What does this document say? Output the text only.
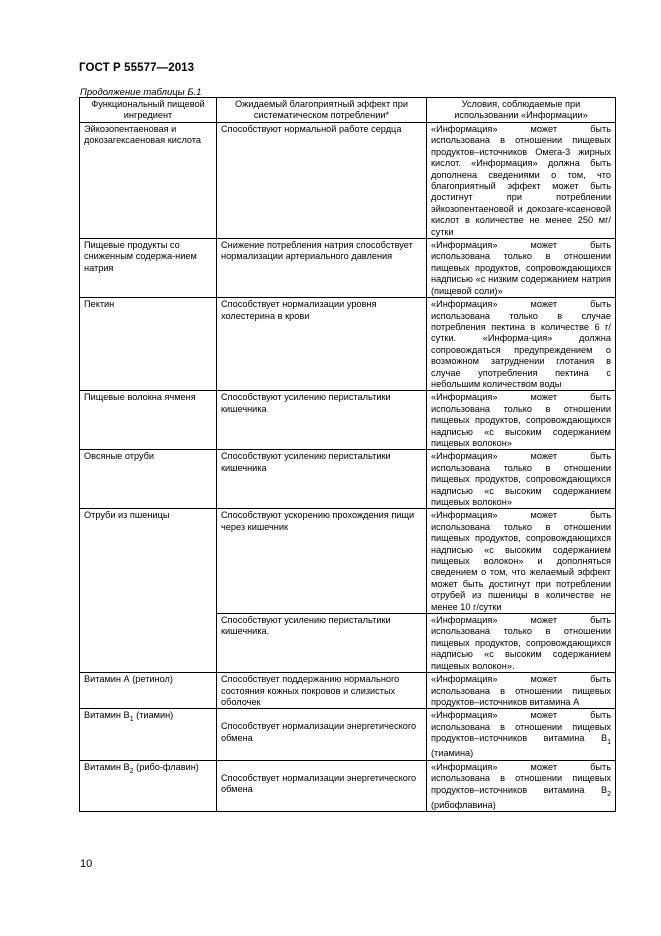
ГОСТ Р 55577—2013
Продолжение таблицы Б.1
Функциональный пищевой ингредиент	Ожидаемый благоприятный эффект при систематическом потреблении*	Условия, соблюдаемые при использовании «Информации»
Эйкозопентаеновая и докозагексаеновая кислота	Способствуют нормальной работе сердца	«Информация» может быть использована в отношении пищевых продуктов–источников Омега-3 жирных кислот. «Информация» должна быть дополнена сведениями о том, что благоприятный эффект может быть достигнут при потреблении эйкозопентаеновой и докозаге-ксаеновой кислот в количестве не менее 250 мг/сутки
Пищевые продукты со сниженным содержа-нием натрия	Снижение потребления натрия способствует нормализации артериального давления	«Информация» может быть использована только в отношении пищевых продуктов, сопровождающихся надписью «с низким содержанием натрия (пищевой соли)»
Пектин	Способствует нормализации уровня холестерина в крови	«Информация» может быть использована только в случае потребления пектина в количестве 6 г/сутки. «Информа-ция» должна сопровождаться предупреждением о возможном затруднении глотания в случае употребления пектина с небольшим количеством воды
Пищевые волокна ячменя	Способствуют усилению перистальтики кишечника	«Информация» может быть использована только в отношении пищевых продуктов, сопровождающихся надписью «с высоким содержанием пищевых волокон»
Овсяные отруби	Способствуют усилению перистальтики кишечника	«Информация» может быть использована только в отношении пищевых продуктов, сопровождающихся надписью «с высоким содержанием пищевых волокон»
Отруби из пшеницы	Способствуют ускорению прохождения пищи через кишечник	«Информация» может быть использована только в отношении пищевых продуктов, сопровождающихся надписью «с высоким содержанием пищевых волокон» и дополняться сведением о том, что желаемый эффект может быть достигнут при потреблении отрубей из пшеницы в количестве не менее 10 г/сутки
	Способствуют усилению перистальтики кишечника.	«Информация» может быть использована только в отношении пищевых продуктов, сопровождающихся надписью «с высоким содержанием пищевых волокон».
Витамин А (ретинол)	Способствует поддержанию нормального состояния кожных покровов и слизистых оболочек	«Информация» может быть использована в отношении пищевых продуктов–источников витамина А
Витамин $B_1$ (тиамин)	Способствует нормализации энергетического обмена	«Информация» может быть использована в отношении пищевых продуктов–источников витамина $B_1$ (тиамина)
Витамин $B_2$ (рибо-флавин)	Способствует нормализации энергетического обмена	«Информация» может быть использована в отношении пищевых продуктов–источников витамина $B_2$ (рибофлавина)
10
